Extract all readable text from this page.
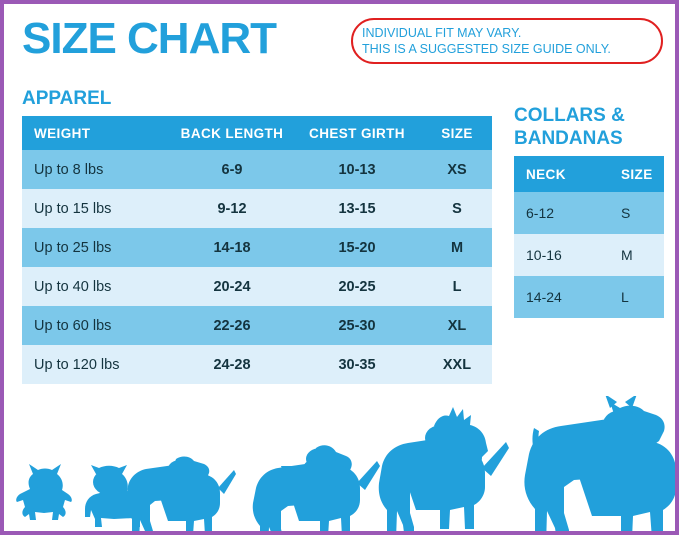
SIZE CHART	INDIVIDUAL FIT MAY VARY.
THIS IS A SUGGESTED SIZE GUIDE ONLY.
APPAREL
WEIGHT	BACK LENGTH	CHEST GIRTH	SIZE
Up to 8 lbs	6-9	10-13	XS
Up to 15 lbs	9-12	13-15	S
Up to 25 lbs	14-18	15-20	M
Up to 40 lbs	20-24	20-25	L
Up to 60 lbs	22-26	25-30	XL
Up to 120 lbs	24-28	30-35	XXL
COLLARS &
BANDANAS
NECK	SIZE
6-12	S
10-16	M
14-24	L
